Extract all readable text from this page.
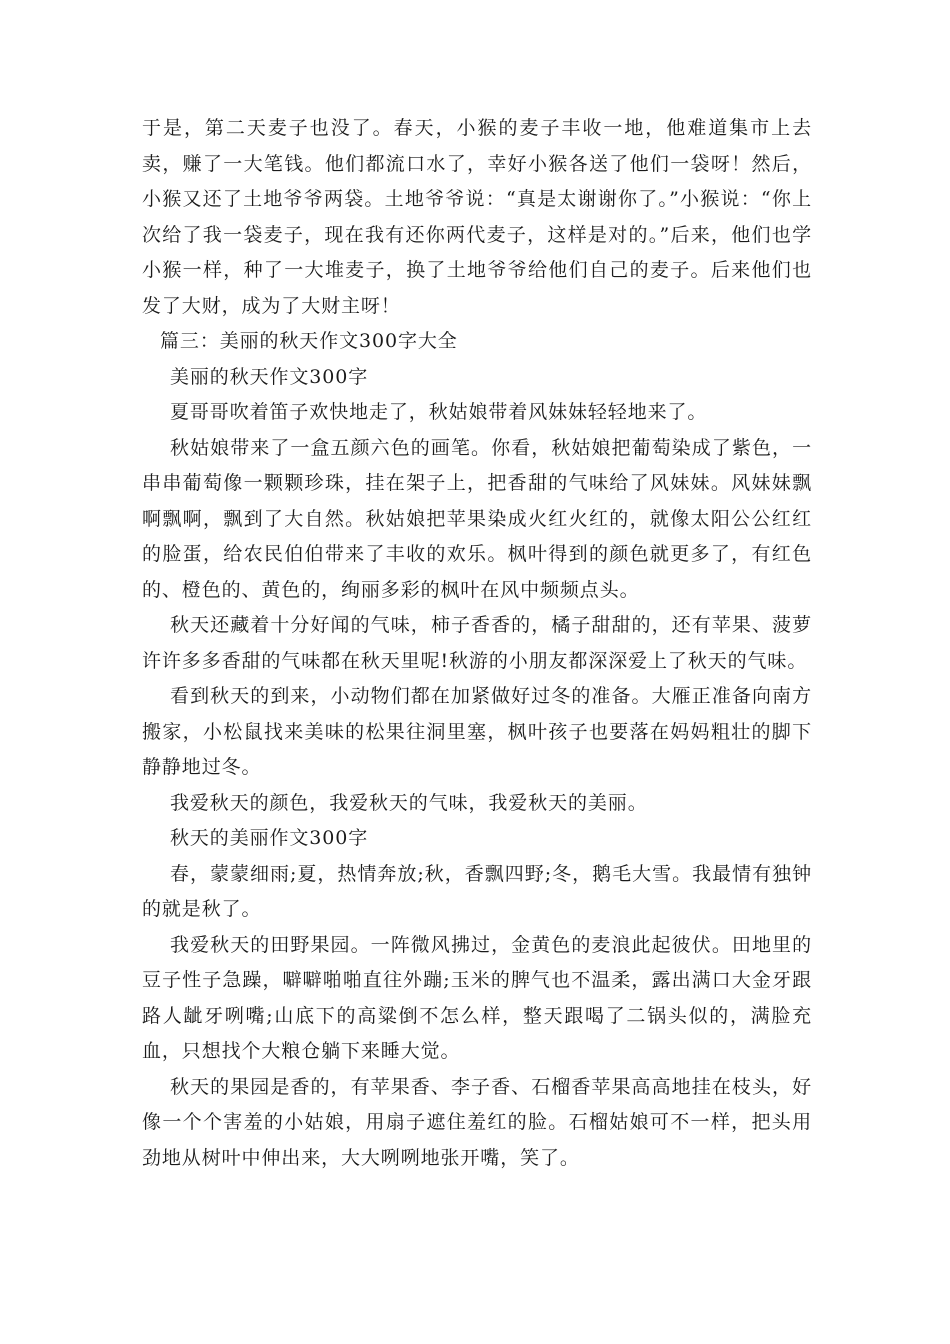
于是，第二天麦子也没了。春天，小猴的麦子丰收一地，他难道集市上去卖，赚了一大笔钱。他们都流口水了，幸好小猴各送了他们一袋呀！然后，小猴又还了土地爷爷两袋。土地爷爷说：“真是太谢谢你了。”小猴说：“你上次给了我一袋麦子，现在我有还你两代麦子，这样是对的。”后来，他们也学小猴一样，种了一大堆麦子，换了土地爷爷给他们自己的麦子。后来他们也发了大财，成为了大财主呀！

篇三：美丽的秋天作文300字大全

美丽的秋天作文300字

夏哥哥吹着笛子欢快地走了，秋姑娘带着风妹妹轻轻地来了。

秋姑娘带来了一盒五颜六色的画笔。你看，秋姑娘把葡萄染成了紫色，一串串葡萄像一颗颗珍珠，挂在架子上，把香甜的气味给了风妹妹。风妹妹飘啊飘啊，飘到了大自然。秋姑娘把苹果染成火红火红的，就像太阳公公红红的脸蛋，给农民伯伯带来了丰收的欢乐。枫叶得到的颜色就更多了，有红色的、橙色的、黄色的，绚丽多彩的枫叶在风中频频点头。

秋天还藏着十分好闻的气味，柿子香香的，橘子甜甜的，还有苹果、菠萝许许多多香甜的气味都在秋天里呢!秋游的小朋友都深深爱上了秋天的气味。

看到秋天的到来，小动物们都在加紧做好过冬的准备。大雁正准备向南方搬家，小松鼠找来美味的松果往洞里塞，枫叶孩子也要落在妈妈粗壮的脚下静静地过冬。

我爱秋天的颜色，我爱秋天的气味，我爱秋天的美丽。

秋天的美丽作文300字

春，蒙蒙细雨;夏，热情奔放;秋，香飘四野;冬，鹅毛大雪。我最情有独钟的就是秋了。

我爱秋天的田野果园。一阵微风拂过，金黄色的麦浪此起彼伏。田地里的豆子性子急躁，噼噼啪啪直往外蹦;玉米的脾气也不温柔，露出满口大金牙跟路人龇牙咧嘴;山底下的高粱倒不怎么样，整天跟喝了二锅头似的，满脸充血，只想找个大粮仓躺下来睡大觉。

秋天的果园是香的，有苹果香、李子香、石榴香苹果高高地挂在枝头，好像一个个害羞的小姑娘，用扇子遮住羞红的脸。石榴姑娘可不一样，把头用劲地从树叶中伸出来，大大咧咧地张开嘴，笑了。
